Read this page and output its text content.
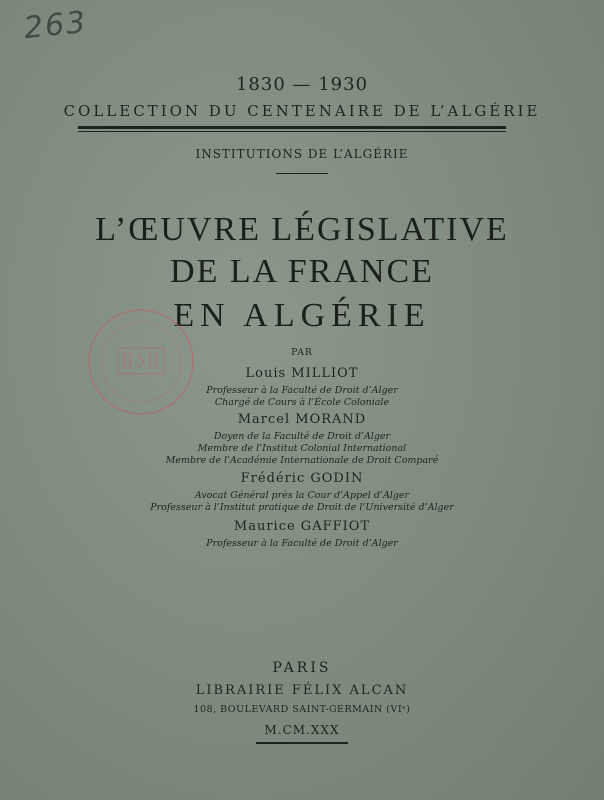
263
1830 — 1930
COLLECTION DU CENTENAIRE DE L’ALGÉRIE
INSTITUTIONS DE L’ALGÉRIE
L’ŒUVRE LÉGISLATIVE
DE LA FRANCE
EN ALGÉRIE
PAR
Louis MILLIOT
Professeur à la Faculté de Droit d’Alger
Chargé de Cours à l’École Coloniale
Marcel MORAND
Doyen de la Faculté de Droit d’Alger
Membre de l’Institut Colonial International
Membre de l’Académie Internationale de Droit Comparé
Frédéric GODIN
Avocat Général près la Cour d’Appel d’Alger
Professeur à l’Institut pratique de Droit de l’Université d’Alger
Maurice GAFFIOT
Professeur à la Faculté de Droit d’Alger
PARIS
LIBRAIRIE FÉLIX ALCAN
108, BOULEVARD SAINT-GERMAIN (VIᵉ)
M.CM.XXX
